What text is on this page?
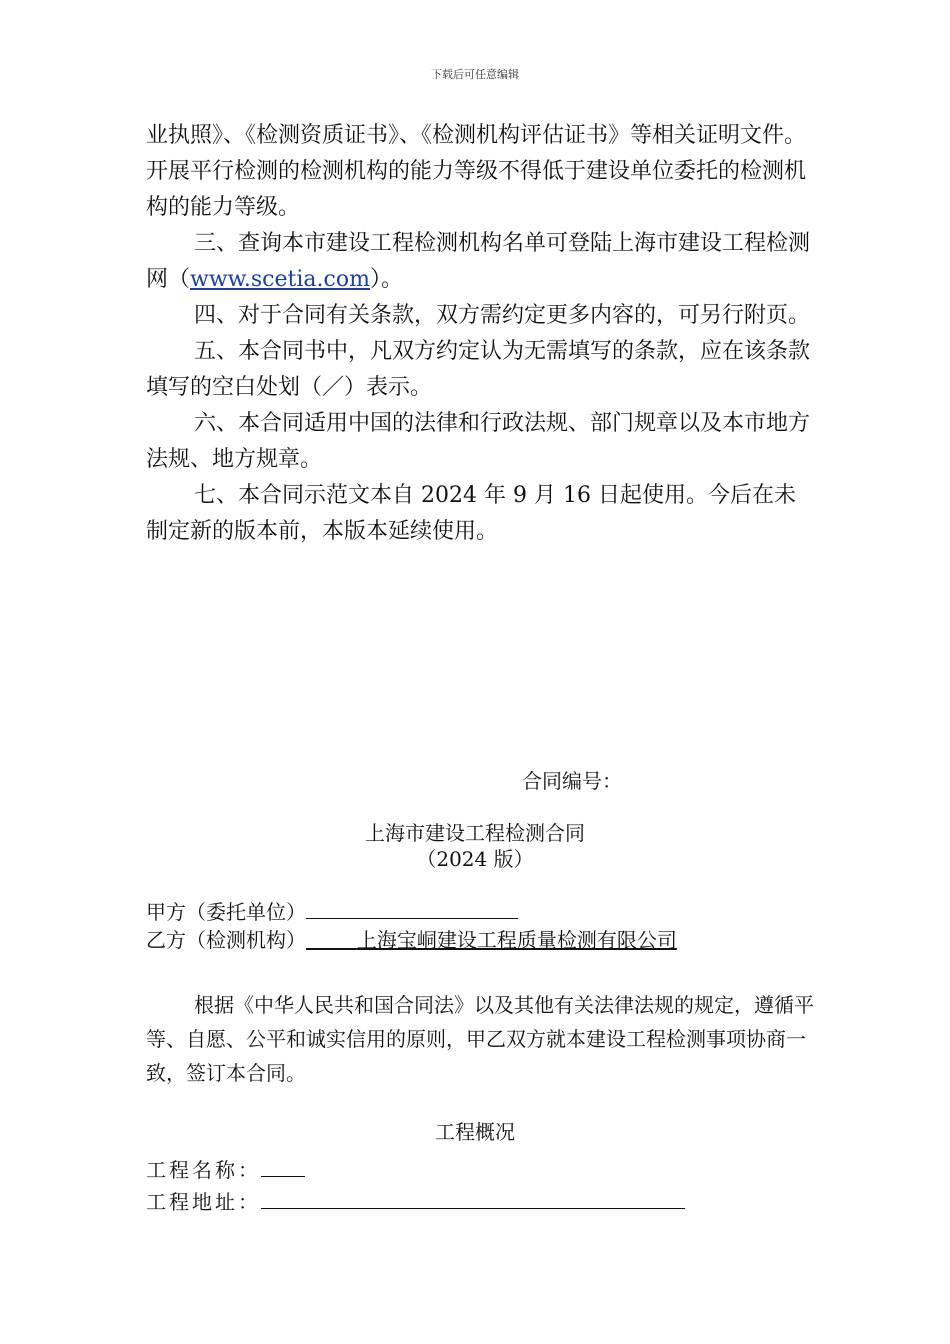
下载后可任意编辑

业执照》、《检测资质证书》、《检测机构评估证书》等相关证明文件。开展平行检测的检测机构的能力等级不得低于建设单位委托的检测机构的能力等级。

三、查询本市建设工程检测机构名单可登陆上海市建设工程检测网（www.scetia.com）。

四、对于合同有关条款，双方需约定更多内容的，可另行附页。

五、本合同书中，凡双方约定认为无需填写的条款，应在该条款填写的空白处划（／）表示。

六、本合同适用中国的法律和行政法规、部门规章以及本市地方法规、地方规章。

七、本合同示范文本自 2024 年 9 月 16 日起使用。今后在未制定新的版本前，本版本延续使用。

合同编号：
上海市建设工程检测合同
（2024 版）
甲方（委托单位）
乙方（检测机构）	上海宝峒建设工程质量检测有限公司

根据《中华人民共和国合同法》以及其他有关法律法规的规定，遵循平等、自愿、公平和诚实信用的原则，甲乙双方就本建设工程检测事项协商一致，签订本合同。

工程概况
工程名称：
工程地址：
